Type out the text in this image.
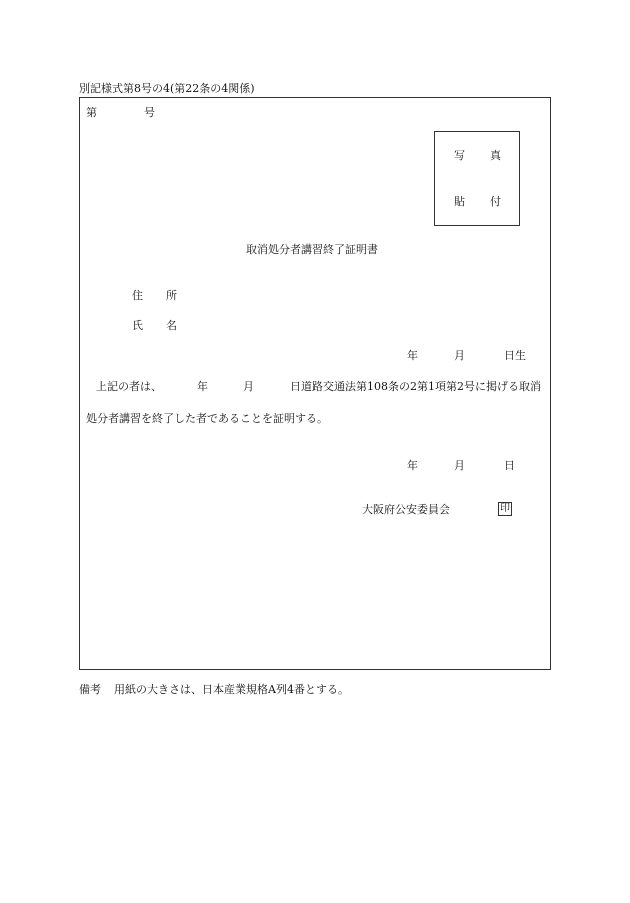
別記様式第8号の4(第22条の4関係)
第	号
写 真
貼 付
取消処分者講習終了証明書
住 所
氏 名
年	月	日生
上記の者は、	年	月	日道路交通法第108条の2第1項第2号に掲げる取消
処分者講習を終了した者であることを証明する。
年	月	日
大阪府公安委員会	印
備考 用紙の大きさは、日本産業規格A列4番とする。
